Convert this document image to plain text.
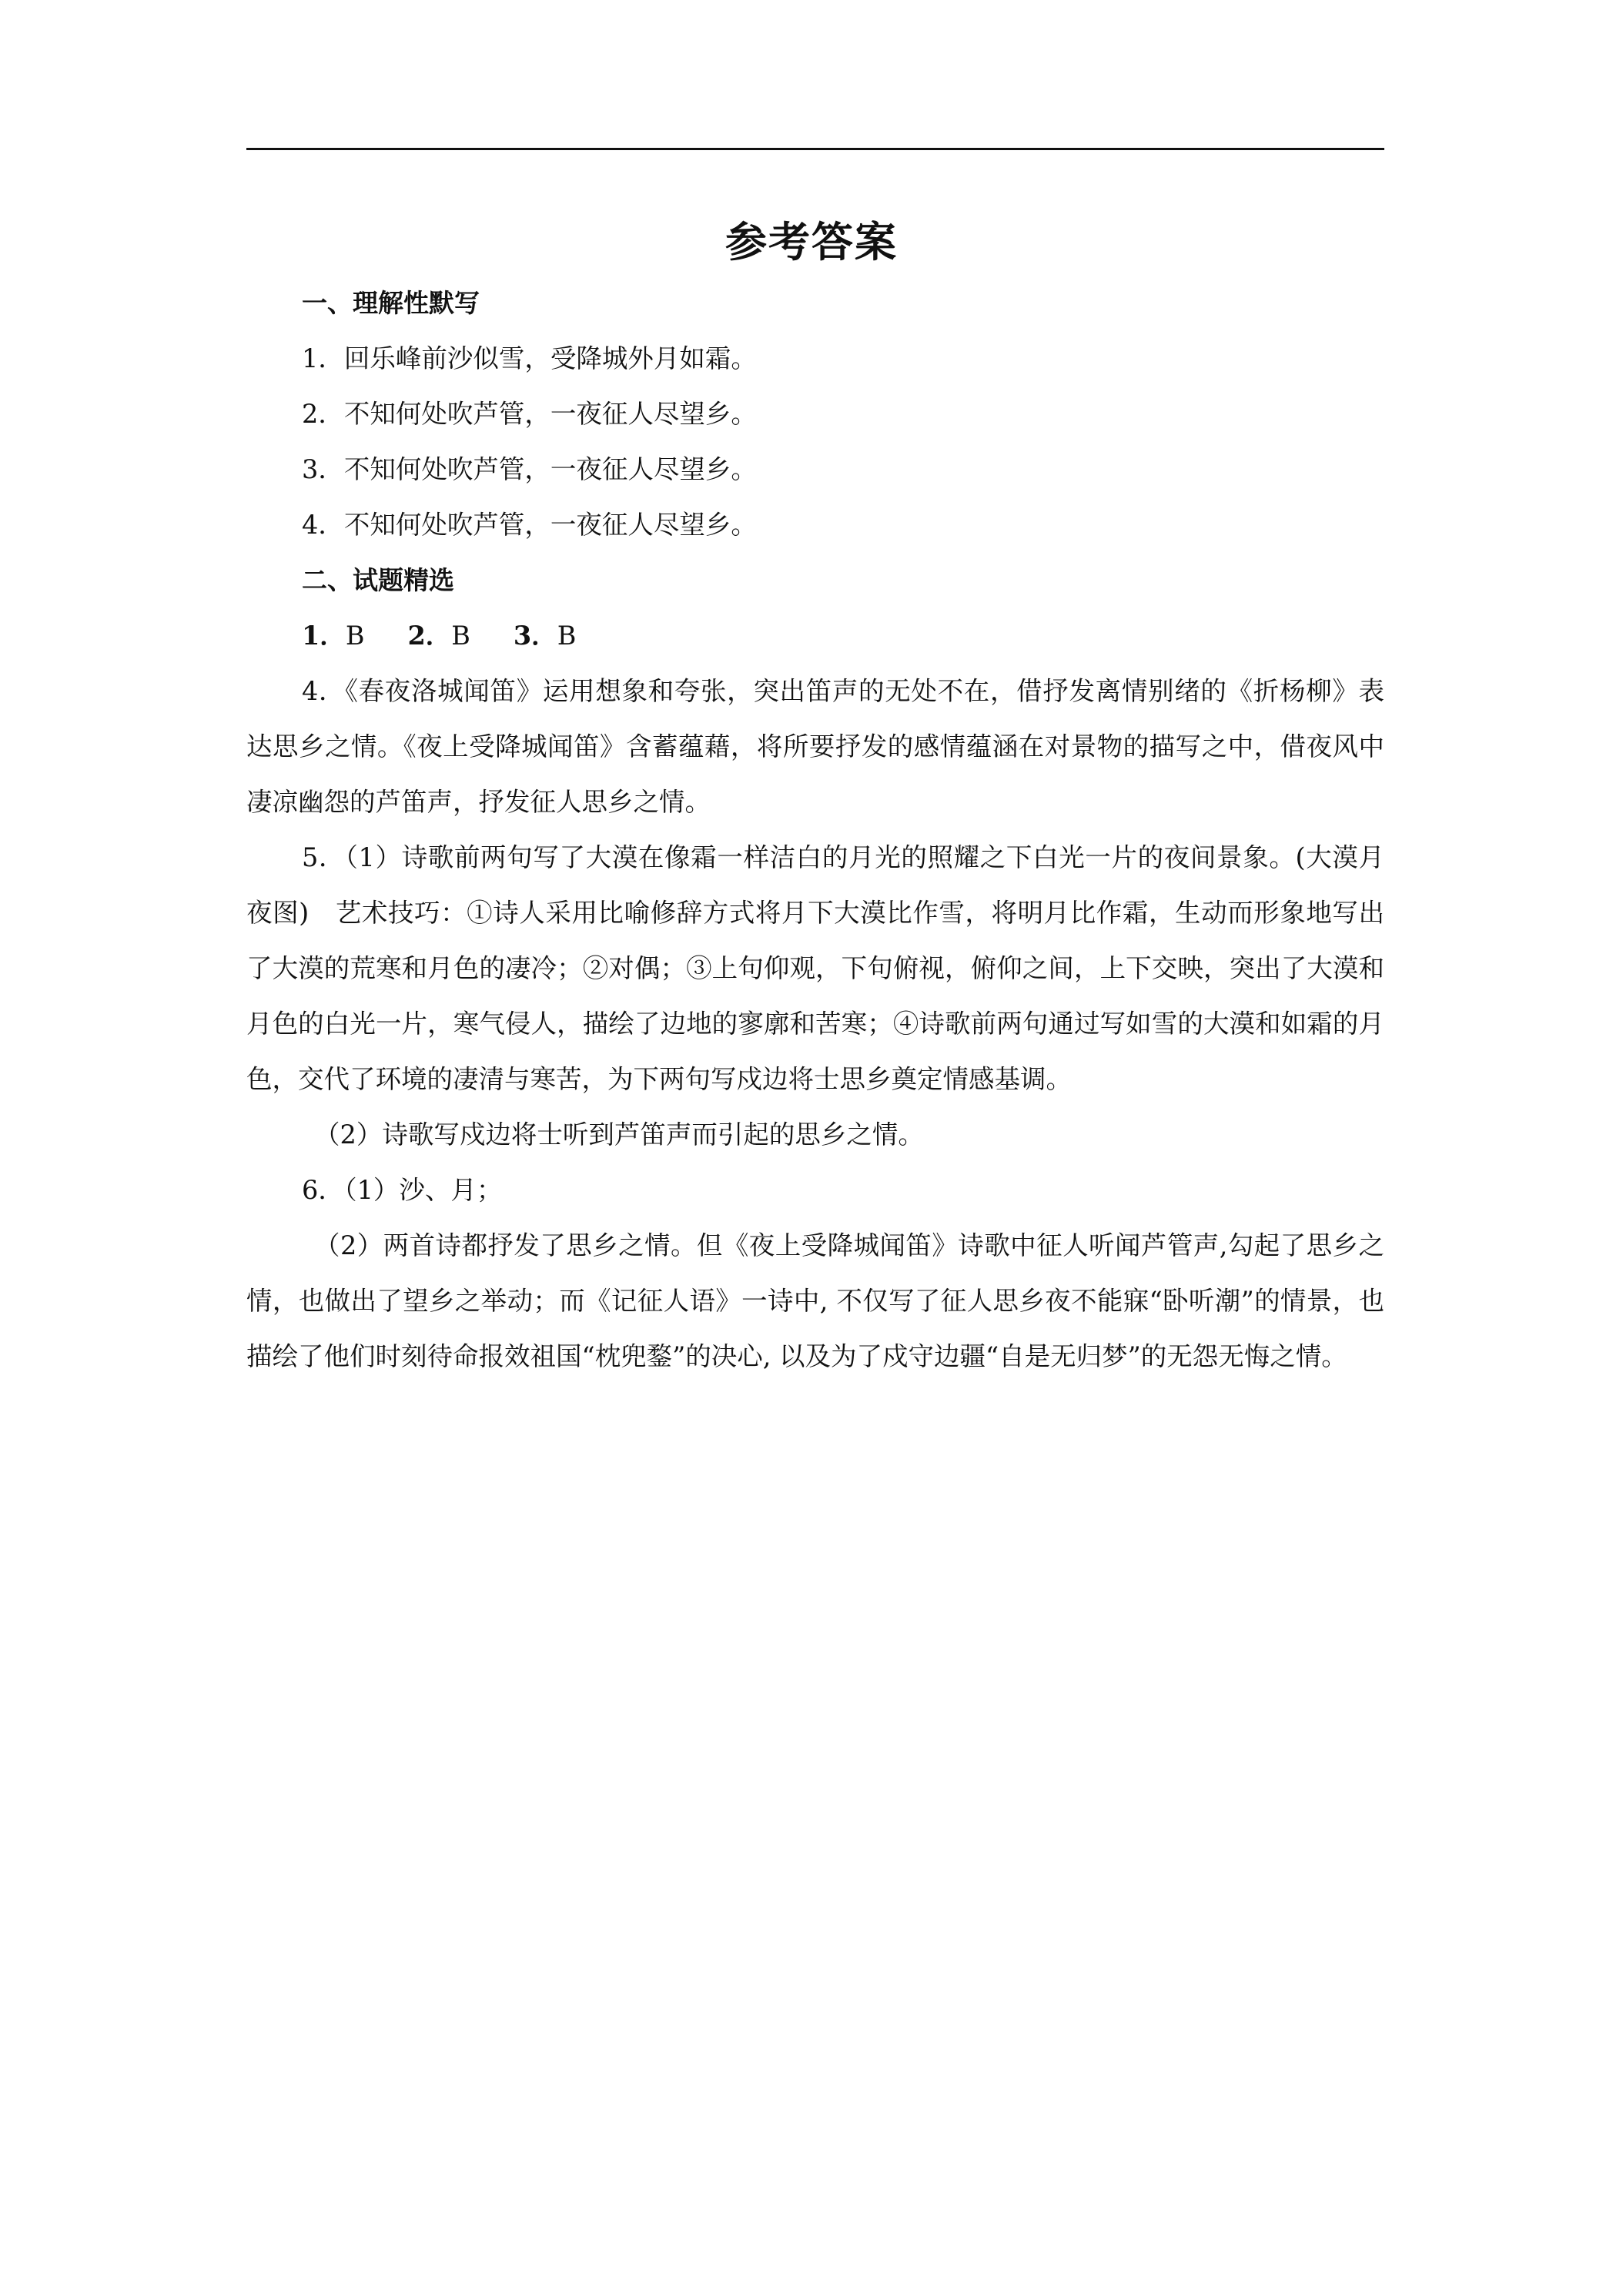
参考答案

一、理解性默写

1．回乐峰前沙似雪，受降城外月如霜。

2．不知何处吹芦管，一夜征人尽望乡。

3．不知何处吹芦管，一夜征人尽望乡。

4．不知何处吹芦管，一夜征人尽望乡。

二、试题精选

1．B 2．B 3．B

4．《春夜洛城闻笛》运用想象和夸张，突出笛声的无处不在，借抒发离情别绪的《折杨柳》表达思乡之情。《夜上受降城闻笛》含蓄蕴藉，将所要抒发的感情蕴涵在对景物的描写之中，借夜风中凄凉幽怨的芦笛声，抒发征人思乡之情。

5．（1）诗歌前两句写了大漠在像霜一样洁白的月光的照耀之下白光一片的夜间景象。(大漠月夜图)　艺术技巧：①诗人采用比喻修辞方式将月下大漠比作雪，将明月比作霜，生动而形象地写出了大漠的荒寒和月色的凄冷；②对偶；③上句仰观，下句俯视，俯仰之间，上下交映，突出了大漠和月色的白光一片，寒气侵人，描绘了边地的寥廓和苦寒；④诗歌前两句通过写如雪的大漠和如霜的月色，交代了环境的凄清与寒苦，为下两句写戍边将士思乡奠定情感基调。

（2）诗歌写戍边将士听到芦笛声而引起的思乡之情。

6．（1）沙、月；

（2）两首诗都抒发了思乡之情。但《夜上受降城闻笛》诗歌中征人听闻芦管声,勾起了思乡之情，也做出了望乡之举动；而《记征人语》一诗中, 不仅写了征人思乡夜不能寐“卧听潮”的情景，也描绘了他们时刻待命报效祖国“枕兜鍪”的决心, 以及为了戍守边疆“自是无归梦”的无怨无悔之情。
